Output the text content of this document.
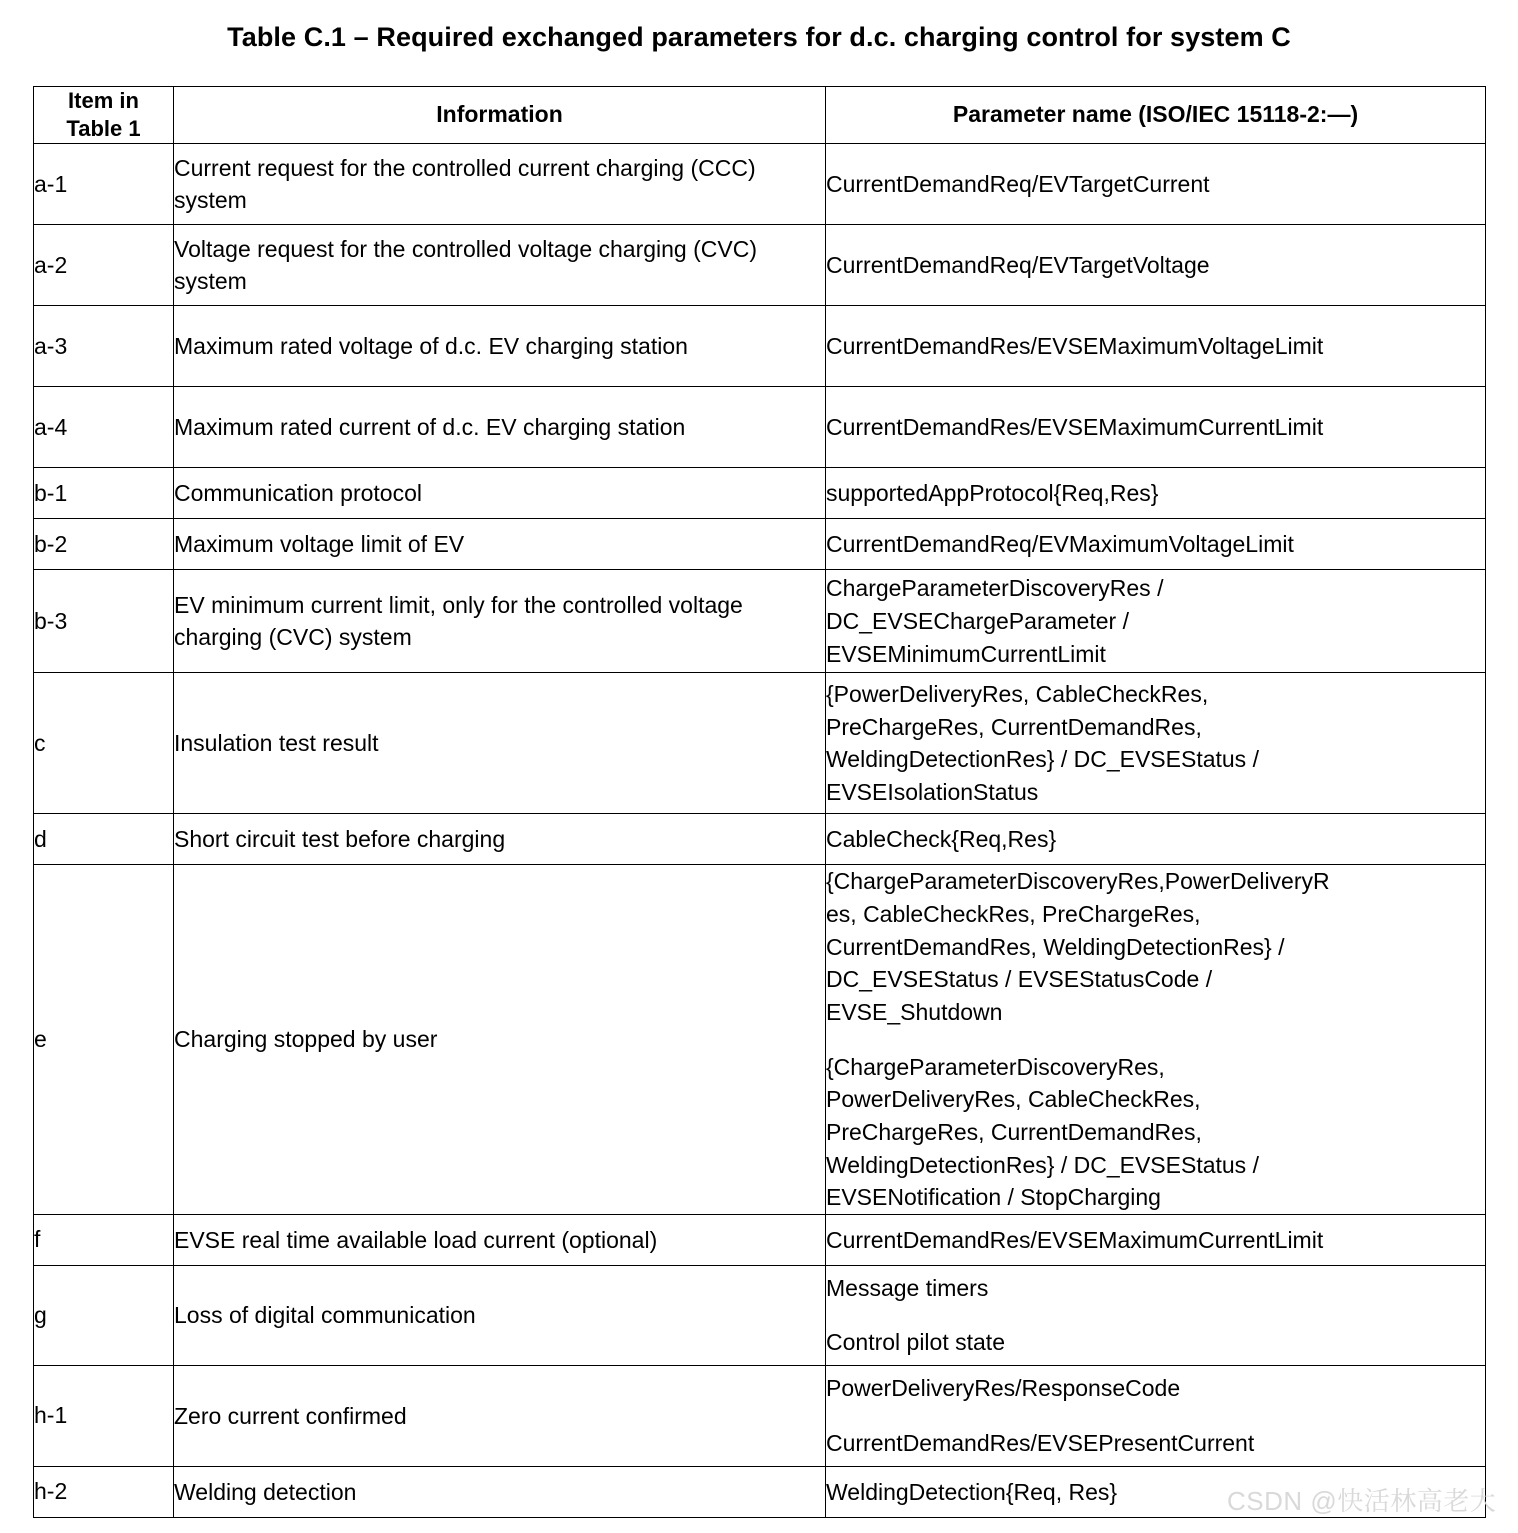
Table C.1 – Required exchanged parameters for d.c. charging control for system C
Item in
Table 1	Information	Parameter name (ISO/IEC 15118-2:—)
a-1	Current request for the controlled current charging (CCC) system	CurrentDemandReq/EVTargetCurrent

a-2	Voltage request for the controlled voltage charging (CVC) system	CurrentDemandReq/EVTargetVoltage

a-3	Maximum rated voltage of d.c. EV charging station	CurrentDemandRes/EVSEMaximumVoltageLimit

a-4	Maximum rated current of d.c. EV charging station	CurrentDemandRes/EVSEMaximumCurrentLimit

b-1	Communication protocol	supportedAppProtocol{Req,Res}

b-2	Maximum voltage limit of EV	CurrentDemandReq/EVMaximumVoltageLimit

b-3	EV minimum current limit, only for the controlled voltage charging (CVC) system	ChargeParameterDiscoveryRes /
DC_EVSEChargeParameter /
EVSEMinimumCurrentLimit

c	Insulation test result	{PowerDeliveryRes, CableCheckRes,
PreChargeRes, CurrentDemandRes,
WeldingDetectionRes} / DC_EVSEStatus /
EVSEIsolationStatus

d	Short circuit test before charging	CableCheck{Req,Res}

e	Charging stopped by user	
{ChargeParameterDiscoveryRes,PowerDeliveryR
es, CableCheckRes, PreChargeRes,
CurrentDemandRes, WeldingDetectionRes} /
DC_EVSEStatus / EVSEStatusCode /
EVSE_Shutdown
{ChargeParameterDiscoveryRes,
PowerDeliveryRes, CableCheckRes,
PreChargeRes, CurrentDemandRes,
WeldingDetectionRes} / DC_EVSEStatus /
EVSENotification / StopCharging

f	EVSE real time available load current (optional)	CurrentDemandRes/EVSEMaximumCurrentLimit

g	Loss of digital communication	Message timers
Control pilot state

h-1	Zero current confirmed	PowerDeliveryRes/ResponseCode
CurrentDemandRes/EVSEPresentCurrent

h-2	Welding detection	WeldingDetection{Req, Res}	CSDN @快活林高老大
